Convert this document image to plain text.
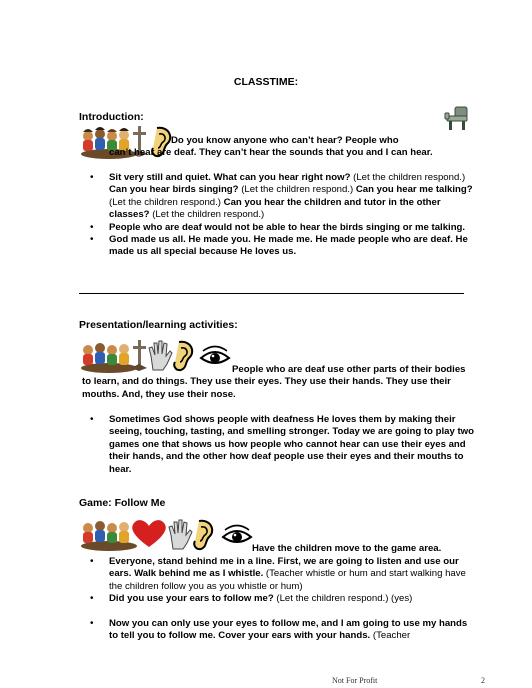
CLASSTIME:
Introduction:
Do you know anyone who can’t hear? People who
can’t hear are deaf. They can’t hear the sounds that you and I can hear.
• Sit very still and quiet. What can you hear right now? (Let the children respond.) Can you hear birds singing? (Let the children respond.) Can you hear me talking? (Let the children respond.) Can you hear the children and tutor in the other classes? (Let the children respond.)
• People who are deaf would not be able to hear the birds singing or me talking.
• God made us all. He made you. He made me. He made people who are deaf. He made us all special because He loves us.
Presentation/learning activities:
People who are deaf use other parts of their bodies to learn, and do things. They use their eyes. They use their hands. They use their mouths. And, they use their nose.
• Sometimes God shows people with deafness He loves them by making their seeing, touching, tasting, and smelling stronger. Today we are going to play two games one that shows us how people who cannot hear can use their eyes and their hands, and the other how deaf people use their eyes and their mouths to hear.
Game: Follow Me
Have the children move to the game area.
• Everyone, stand behind me in a line. First, we are going to listen and use our ears. Walk behind me as I whistle. (Teacher whistle or hum and start walking have the children follow you as you whistle or hum)
• Did you use your ears to follow me? (Let the children respond.) (yes)
• Now you can only use your eyes to follow me, and I am going to use my hands to tell you to follow me. Cover your ears with your hands. (Teacher
Not For Profit	2
